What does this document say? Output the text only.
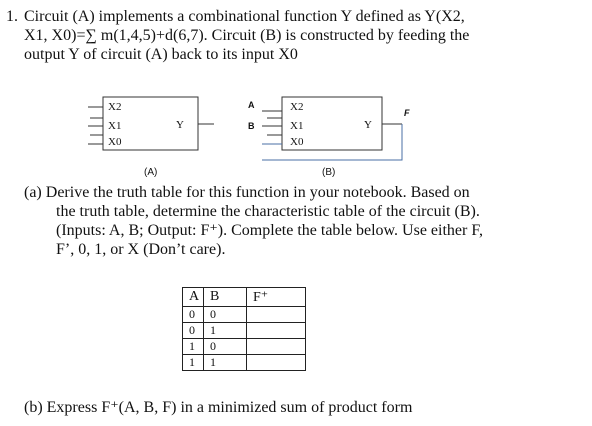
1. Circuit (A) implements a combinational function Y defined as Y(X2,
X1, X0)=∑ m(1,4,5)+d(6,7). Circuit (B) is constructed by feeding the
output Y of circuit (A) back to its input X0
X2
X1
X0
Y
A
B
X2
X1
X0
Y
F
(A)	(B)
(a) Derive the truth table for this function in your notebook. Based on
the truth table, determine the characteristic table of the circuit (B).
(Inputs: A, B; Output: F⁺). Complete the table below. Use either F,
F’, 0, 1, or X (Don’t care).
A	B	F⁺
0	0	
0	1	
1	0	
1	1	
(b) Express F⁺(A, B, F) in a minimized sum of product form
